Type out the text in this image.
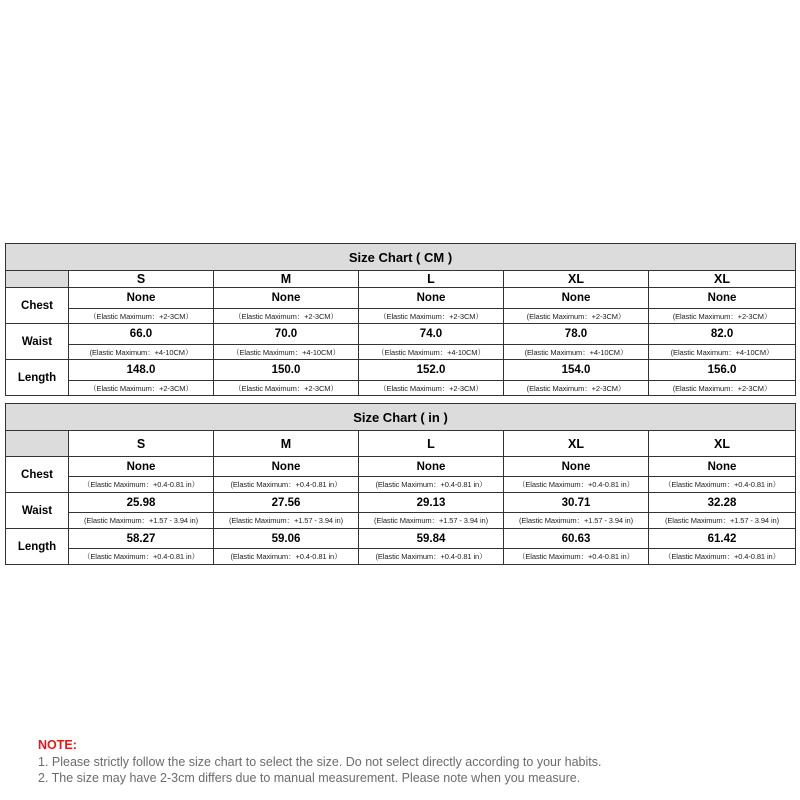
Size Chart ( CM )					
	S	M	L	XL	XL
Chest	None	None	None	None	None
	（Elastic Maximum：+2-3CM）	（Elastic Maximum：+2-3CM）	（Elastic Maximum：+2-3CM）	(Elastic Maximum：+2-3CM）	(Elastic Maximum：+2-3CM）
Waist	66.0	70.0	74.0	78.0	82.0
	(Elastic Maximum：+4-10CM）	（Elastic Maximum：+4-10CM）	（Elastic Maximum：+4-10CM）	(Elastic Maximum：+4-10CM）	(Elastic Maximum：+4-10CM）
Length	148.0	150.0	152.0	154.0	156.0
	（Elastic Maximum：+2-3CM）	（Elastic Maximum：+2-3CM）	（Elastic Maximum：+2-3CM）	(Elastic Maximum：+2-3CM）	(Elastic Maximum：+2-3CM）
Size Chart ( in )					
	S	M	L	XL	XL
Chest	None	None	None	None	None
	（Elastic Maximum：+0.4-0.81 in）	(Elastic Maximum：+0.4-0.81 in）	(Elastic Maximum：+0.4-0.81 in）	（Elastic Maximum：+0.4-0.81 in）	（Elastic Maximum：+0.4-0.81 in）
Waist	25.98	27.56	29.13	30.71	32.28
	(Elastic Maximum：+1.57 - 3.94 in)	(Elastic Maximum：+1.57 - 3.94 in)	(Elastic Maximum：+1.57 - 3.94 in)	(Elastic Maximum：+1.57 - 3.94 in)	(Elastic Maximum：+1.57 - 3.94 in)
Length	58.27	59.06	59.84	60.63	61.42
	（Elastic Maximum：+0.4-0.81 in）	(Elastic Maximum：+0.4-0.81 in）	(Elastic Maximum：+0.4-0.81 in）	（Elastic Maximum：+0.4-0.81 in）	（Elastic Maximum：+0.4-0.81 in）
NOTE:
1. Please strictly follow the size chart to select the size. Do not select directly according to your habits.
2. The size may have 2-3cm differs due to manual measurement. Please note when you measure.
